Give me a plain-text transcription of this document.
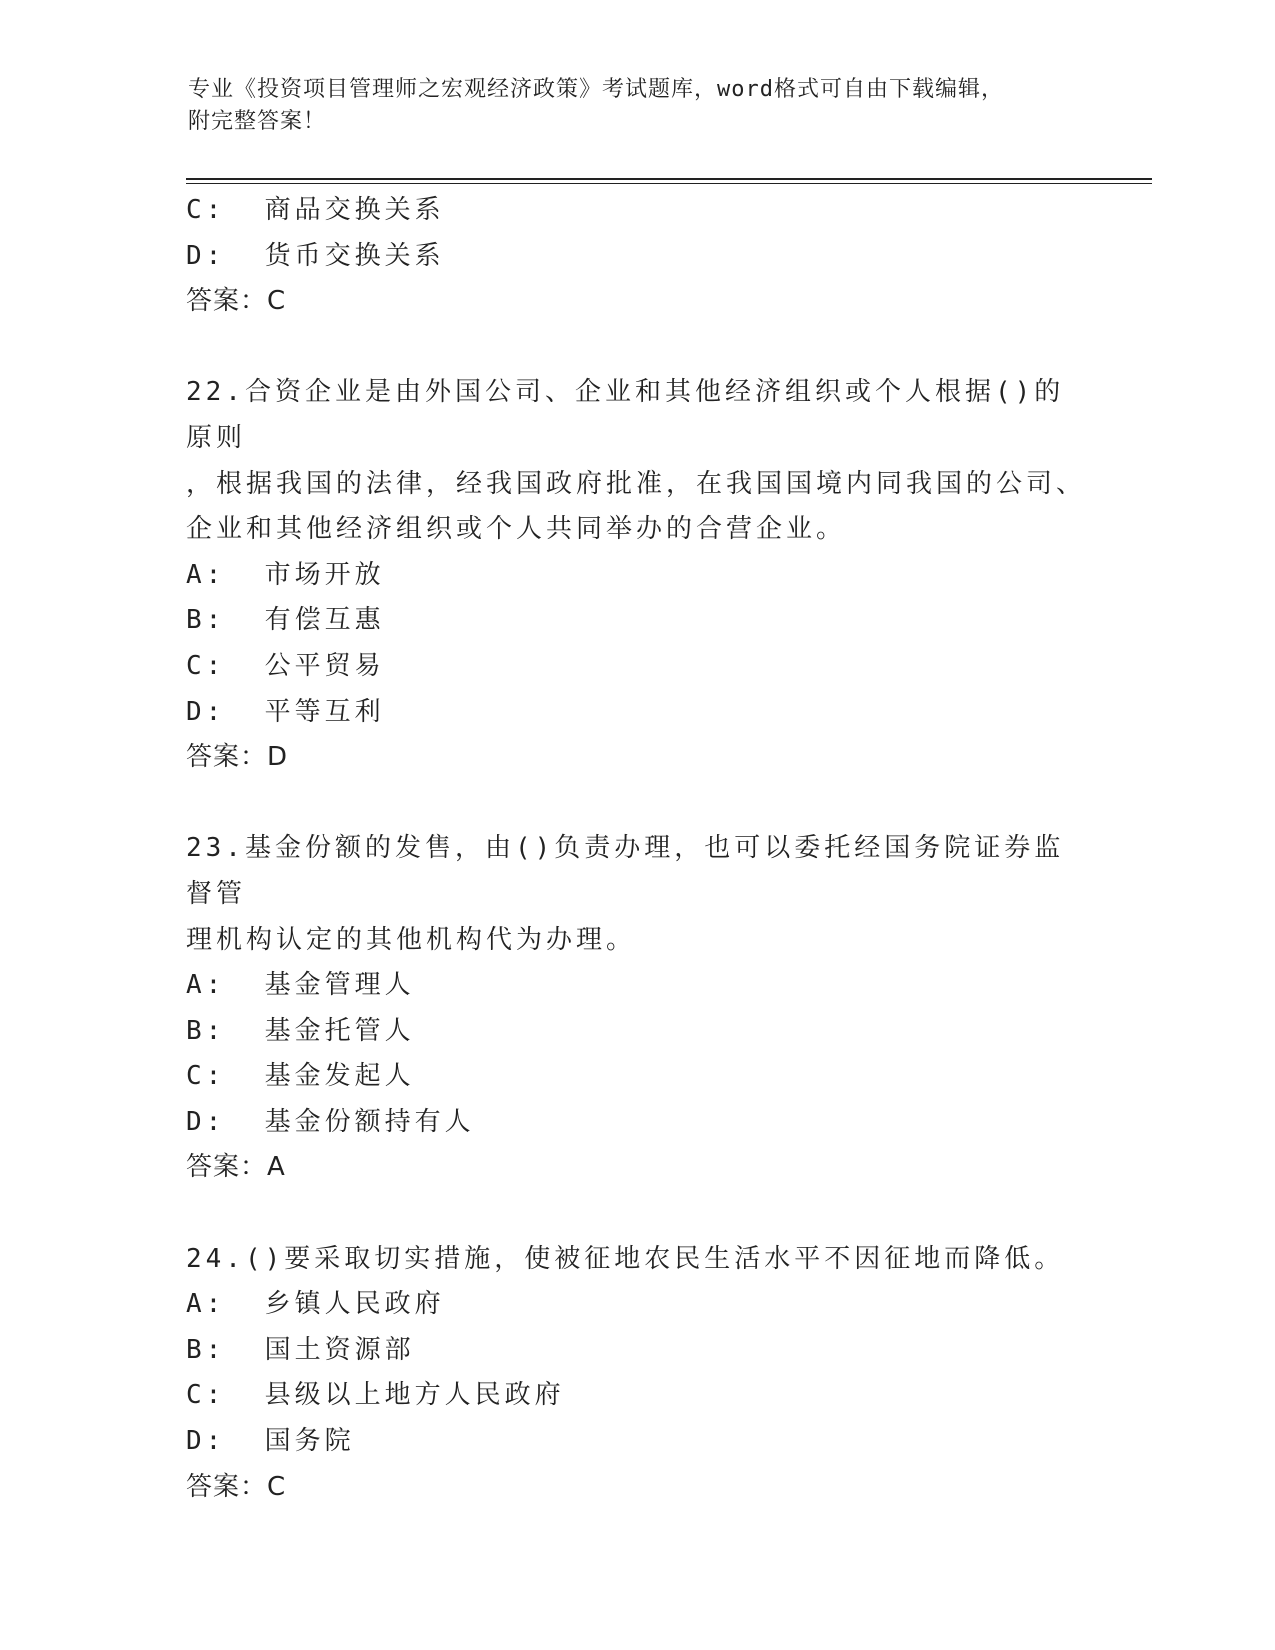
专业《投资项目管理师之宏观经济政策》考试题库，word格式可自由下载编辑，
附完整答案！
C:  商品交换关系
D:  货币交换关系
答案：C
22.合资企业是由外国公司、企业和其他经济组织或个人根据()的原则
，根据我国的法律，经我国政府批准，在我国国境内同我国的公司、
企业和其他经济组织或个人共同举办的合营企业。
A:  市场开放
B:  有偿互惠
C:  公平贸易
D:  平等互利
答案：D
23.基金份额的发售，由()负责办理，也可以委托经国务院证券监督管
理机构认定的其他机构代为办理。
A:  基金管理人
B:  基金托管人
C:  基金发起人
D:  基金份额持有人
答案：A
24.()要采取切实措施，使被征地农民生活水平不因征地而降低。
A:  乡镇人民政府
B:  国土资源部
C:  县级以上地方人民政府
D:  国务院
答案：C
